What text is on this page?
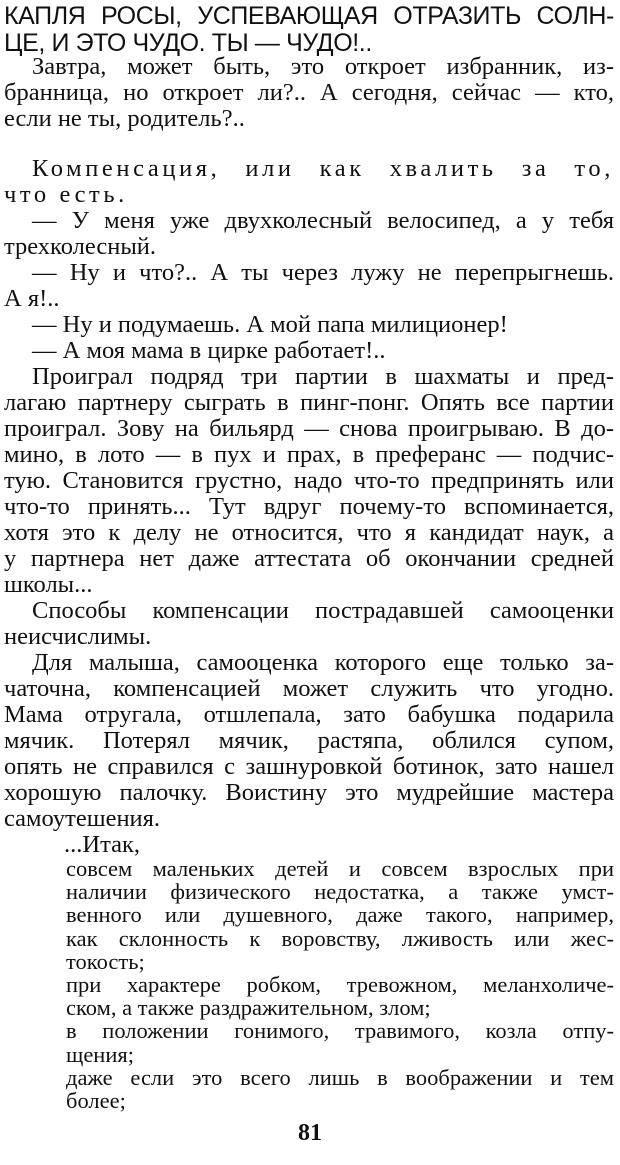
КАПЛЯ РОСЫ, УСПЕВАЮЩАЯ ОТРАЗИТЬ СОЛН-
ЦЕ, И ЭТО ЧУДО. ТЫ — ЧУДО!..
Завтра, может быть, это откроет избранник, из-
бранница, но откроет ли?.. А сегодня, сейчас — кто,
если не ты, родитель?..
Компенсация, или как хвалить за то,
что есть.
— У меня уже двухколесный велосипед, а у тебя
трехколесный.
— Ну и что?.. А ты через лужу не перепрыгнешь.
А я!..
— Ну и подумаешь. А мой папа милиционер!
— А моя мама в цирке работает!..
Проиграл подряд три партии в шахматы и пред-
лагаю партнеру сыграть в пинг-понг. Опять все партии
проиграл. Зову на бильярд — снова проигрываю. В до-
мино, в лото — в пух и прах, в преферанс — подчис-
тую. Становится грустно, надо что-то предпринять или
что-то принять... Тут вдруг почему-то вспоминается,
хотя это к делу не относится, что я кандидат наук, а
у партнера нет даже аттестата об окончании средней
школы...
Способы компенсации пострадавшей самооценки
неисчислимы.
Для малыша, самооценка которого еще только за-
чаточна, компенсацией может служить что угодно.
Мама отругала, отшлепала, зато бабушка подарила
мячик. Потерял мячик, растяпа, облился супом,
опять не справился с зашнуровкой ботинок, зато нашел
хорошую палочку. Воистину это мудрейшие мастера
самоутешения.
...Итак,
совсем маленьких детей и совсем взрослых при
наличии физического недостатка, а также умст-
венного или душевного, даже такого, например,
как склонность к воровству, лживость или жес-
токость;
при характере робком, тревожном, меланхоличе-
ском, а также раздражительном, злом;
в положении гонимого, травимого, козла отпу-
щения;
даже если это всего лишь в воображении и тем
более;
81
